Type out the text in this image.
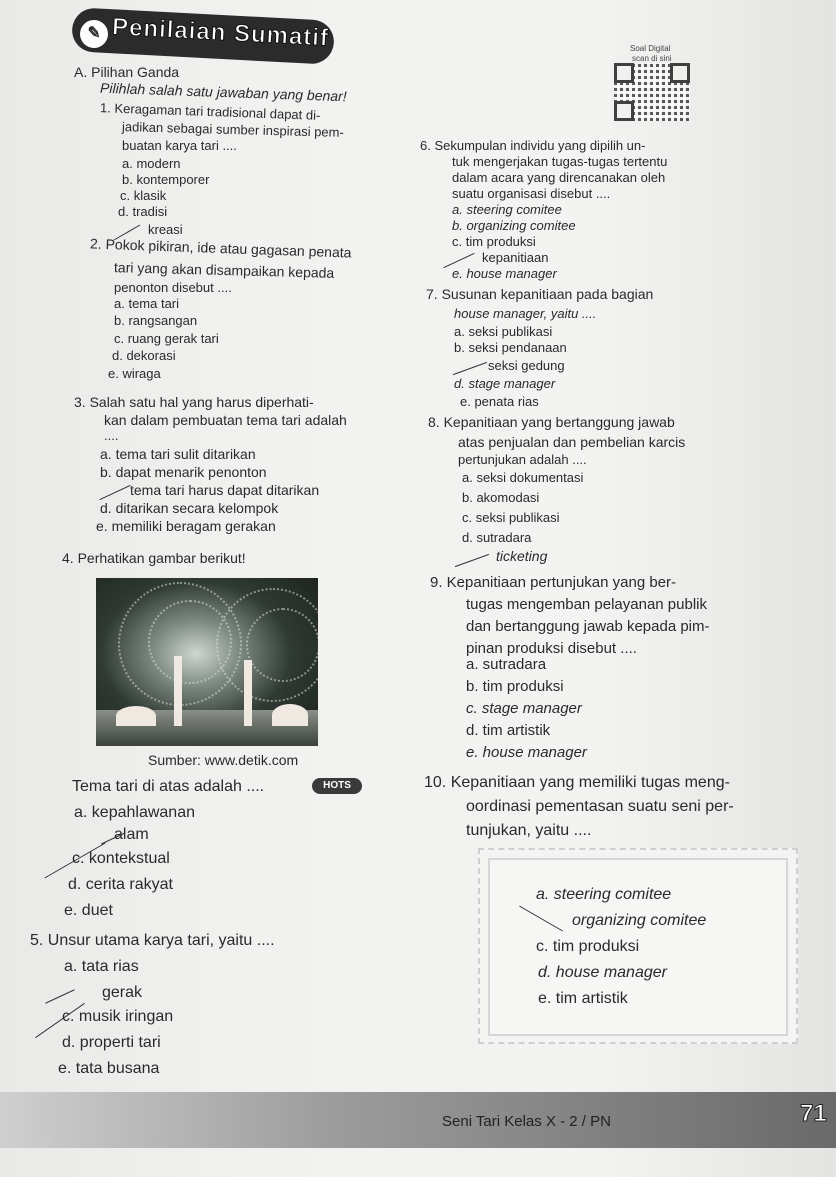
✎ Penilaian Sumatif	Soal Digital
scan di sini
A. Pilihan Ganda
Pilihlah salah satu jawaban yang benar!
1. Keragaman tari tradisional dapat di-
jadikan sebagai sumber inspirasi pem-
buatan karya tari ....
a. modern
b. kontemporer
c. klasik
d. tradisi
kreasi
2. Pokok pikiran, ide atau gagasan penata
tari yang akan disampaikan kepada
penonton disebut ....
a. tema tari
b. rangsangan
c. ruang gerak tari
d. dekorasi
e. wiraga
3. Salah satu hal yang harus diperhati-
kan dalam pembuatan tema tari adalah
....
a. tema tari sulit ditarikan
b. dapat menarik penonton
tema tari harus dapat ditarikan
d. ditarikan secara kelompok
e. memiliki beragam gerakan
4. Perhatikan gambar berikut!
Sumber: www.detik.com
Tema tari di atas adalah ....	HOTS
a. kepahlawanan
alam
c. kontekstual
d. cerita rakyat
e. duet
5. Unsur utama karya tari, yaitu ....
a. tata rias
gerak
c. musik iringan
d. properti tari
e. tata busana
6. Sekumpulan individu yang dipilih un-
tuk mengerjakan tugas-tugas tertentu
dalam acara yang direncanakan oleh
suatu organisasi disebut ....
a. steering comitee
b. organizing comitee
c. tim produksi
kepanitiaan
e. house manager
7. Susunan kepanitiaan pada bagian
house manager, yaitu ....
a. seksi publikasi
b. seksi pendanaan
seksi gedung
d. stage manager
e. penata rias
8. Kepanitiaan yang bertanggung jawab
atas penjualan dan pembelian karcis
pertunjukan adalah ....
a. seksi dokumentasi
b. akomodasi
c. seksi publikasi
d. sutradara
ticketing
9. Kepanitiaan pertunjukan yang ber-
tugas mengemban pelayanan publik
dan bertanggung jawab kepada pim-
pinan produksi disebut ....
a. sutradara
b. tim produksi
c. stage manager
d. tim artistik
e. house manager
10. Kepanitiaan yang memiliki tugas meng-
oordinasi pementasan suatu seni per-
tunjukan, yaitu ....
a. steering comitee
organizing comitee
c. tim produksi
d. house manager
e. tim artistik
Seni Tari Kelas X - 2 / PN	71
